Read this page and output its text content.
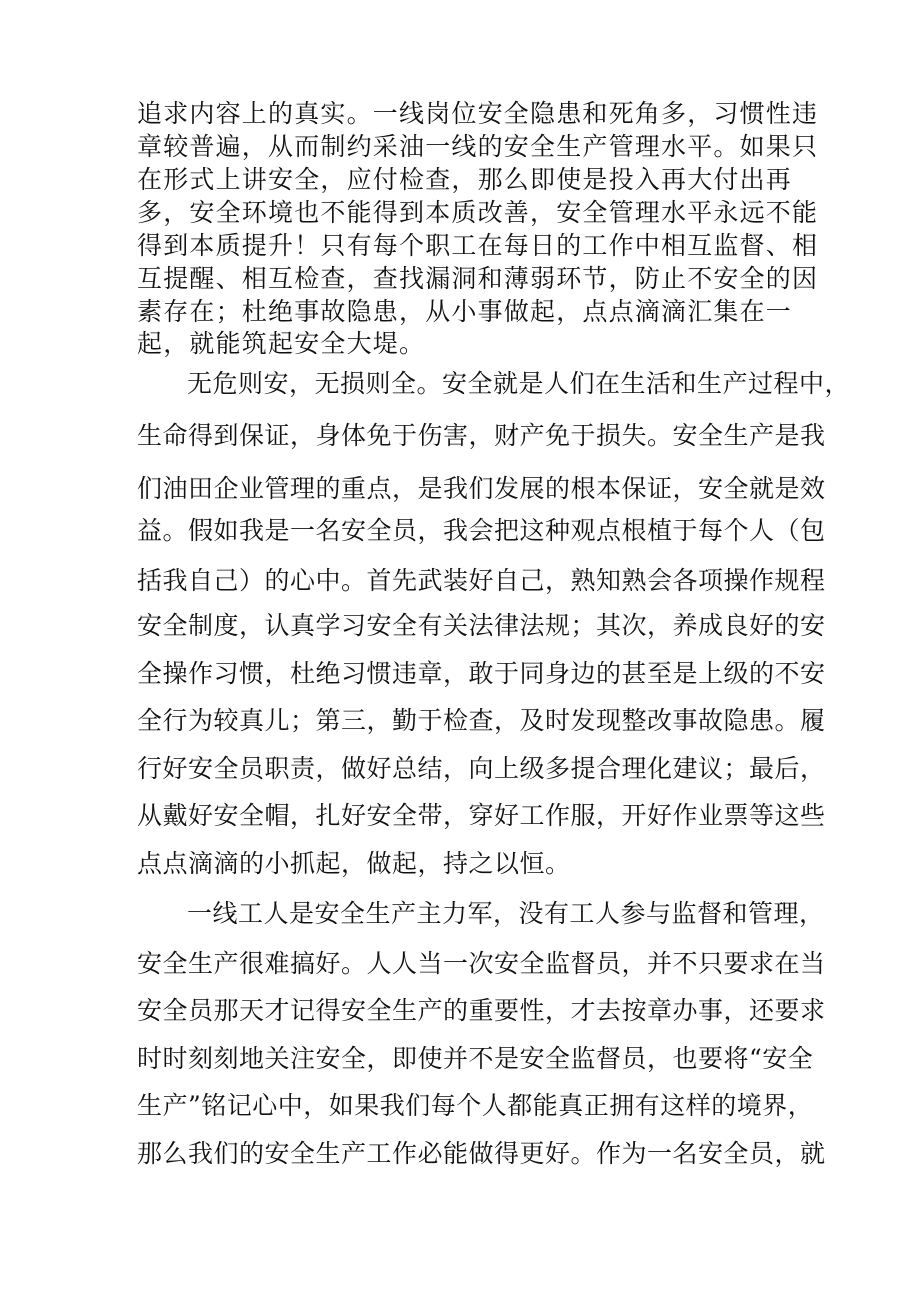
追求内容上的真实。一线岗位安全隐患和死角多，习惯性违

章较普遍，从而制约采油一线的安全生产管理水平。如果只

在形式上讲安全，应付检查，那么即使是投入再大付出再

多，安全环境也不能得到本质改善，安全管理水平永远不能

得到本质提升！只有每个职工在每日的工作中相互监督、相

互提醒、相互检查，查找漏洞和薄弱环节，防止不安全的因

素存在；杜绝事故隐患，从小事做起，点点滴滴汇集在一

起，就能筑起安全大堤。

无危则安，无损则全。安全就是人们在生活和生产过程中，

生命得到保证，身体免于伤害，财产免于损失。安全生产是我

们油田企业管理的重点，是我们发展的根本保证，安全就是效

益。假如我是一名安全员，我会把这种观点根植于每个人（包

括我自己）的心中。首先武装好自己，熟知熟会各项操作规程

安全制度，认真学习安全有关法律法规；其次，养成良好的安

全操作习惯，杜绝习惯违章，敢于同身边的甚至是上级的不安

全行为较真儿；第三，勤于检查，及时发现整改事故隐患。履

行好安全员职责，做好总结，向上级多提合理化建议；最后，

从戴好安全帽，扎好安全带，穿好工作服，开好作业票等这些

点点滴滴的小抓起，做起，持之以恒。

一线工人是安全生产主力军，没有工人参与监督和管理，

安全生产很难搞好。人人当一次安全监督员，并不只要求在当

安全员那天才记得安全生产的重要性，才去按章办事，还要求

时时刻刻地关注安全，即使并不是安全监督员，也要将“安全

生产”铭记心中，如果我们每个人都能真正拥有这样的境界，

那么我们的安全生产工作必能做得更好。作为一名安全员，就
